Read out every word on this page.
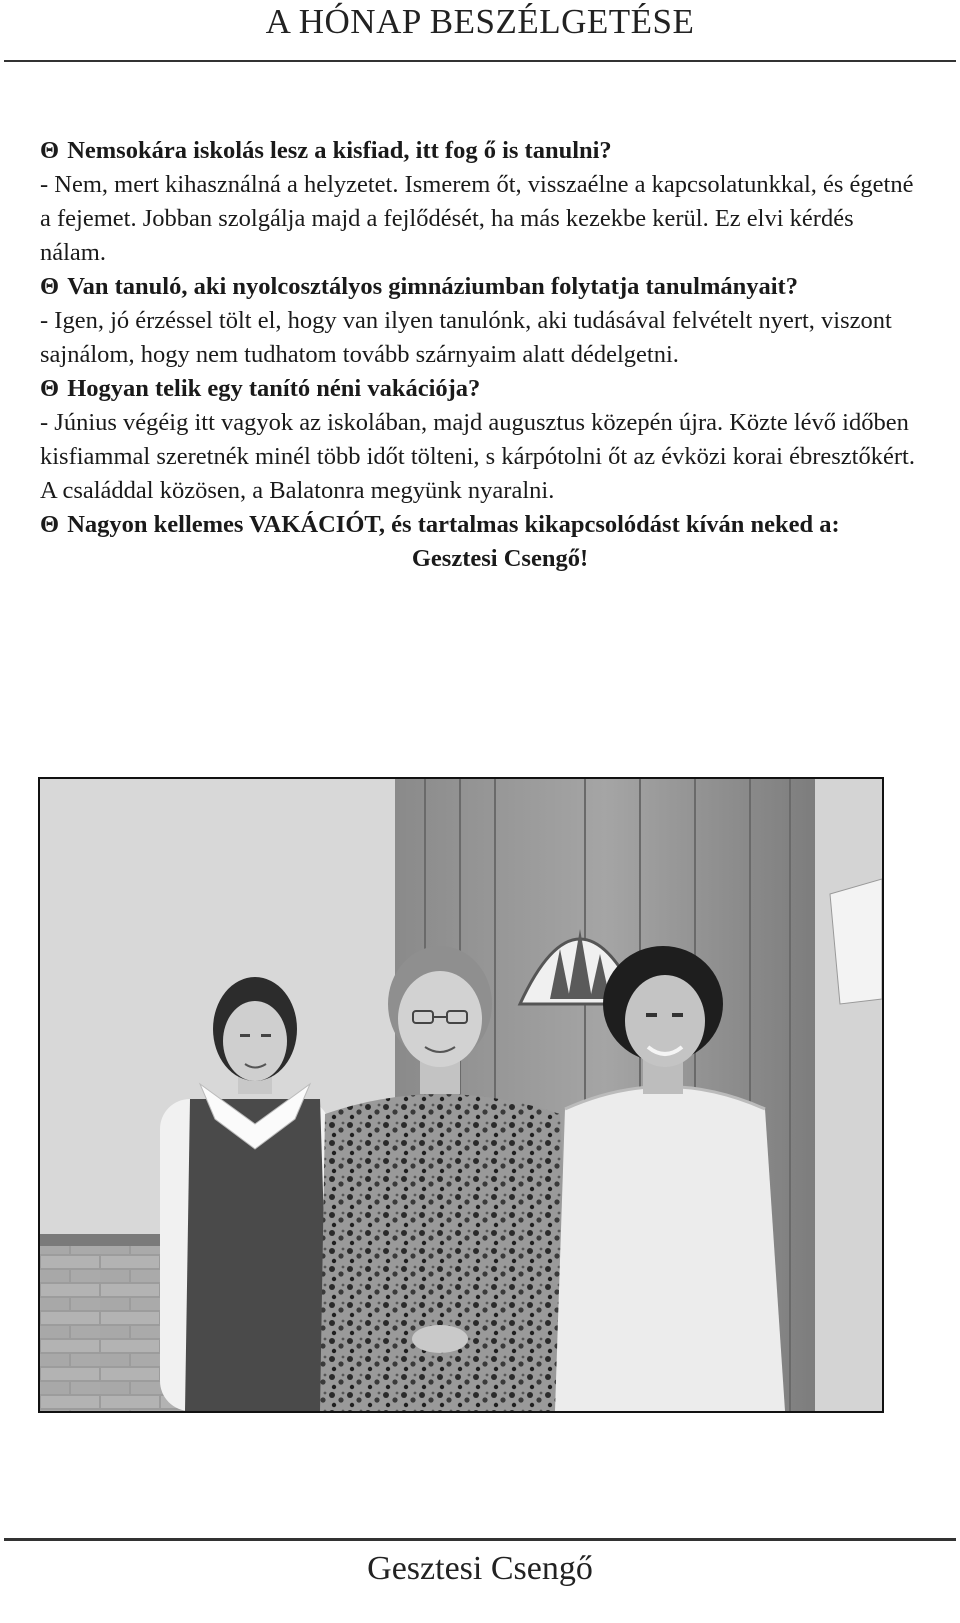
A HÓNAP BESZÉLGETÉSE

Θ Nemsokára iskolás lesz a kisfiad, itt fog ő is tanulni?

- Nem, mert kihasználná a helyzetet. Ismerem őt, visszaélne a kapcsolatunkkal, és égetné a fejemet. Jobban szolgálja majd a fejlődését, ha más kezekbe kerül. Ez elvi kérdés nálam.

Θ Van tanuló, aki nyolcosztályos gimnáziumban folytatja tanulmányait?

- Igen, jó érzéssel tölt el, hogy van ilyen tanulónk, aki tudásával felvételt nyert, viszont sajnálom, hogy nem tudhatom tovább szárnyaim alatt dédelgetni.

Θ Hogyan telik egy tanító néni vakációja?

- Június végéig itt vagyok az iskolában, majd augusztus közepén újra. Közte lévő időben kisfiammal szeretnék minél több időt tölteni, s kárpótolni őt az évközi korai ébresztőkért. A családdal közösen, a Balatonra megyünk nyaralni.

Θ Nagyon kellemes VAKÁCIÓT, és tartalmas kikapcsolódást kíván neked a:

Gesztesi Csengő!

Gesztesi Csengő
